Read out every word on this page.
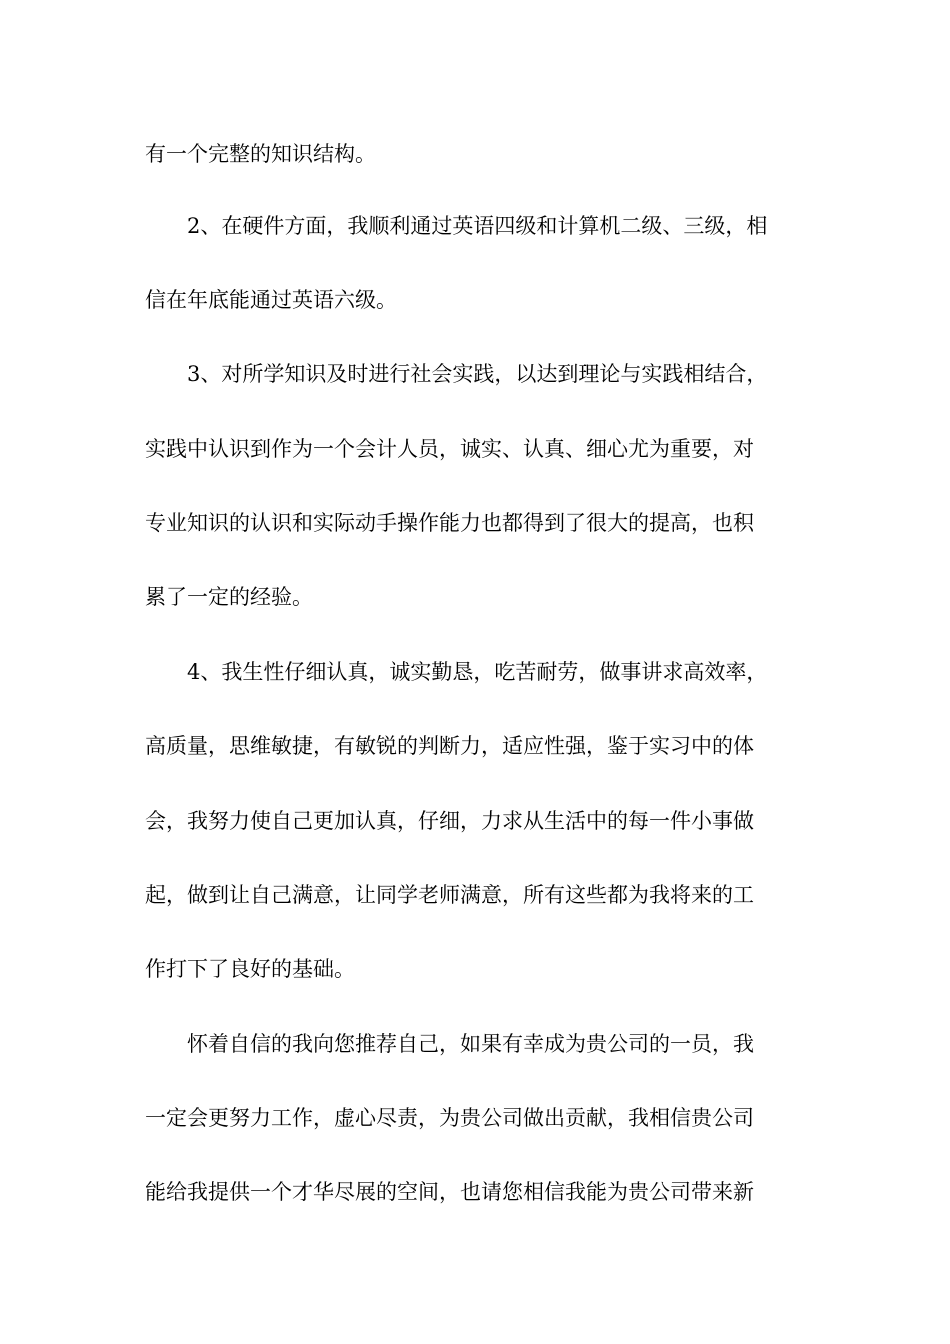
有一个完整的知识结构。
2、在硬件方面，我顺利通过英语四级和计算机二级、三级，相
信在年底能通过英语六级。
3、对所学知识及时进行社会实践，以达到理论与实践相结合，
实践中认识到作为一个会计人员，诚实、认真、细心尤为重要，对
专业知识的认识和实际动手操作能力也都得到了很大的提高，也积
累了一定的经验。
4、我生性仔细认真，诚实勤恳，吃苦耐劳，做事讲求高效率，
高质量，思维敏捷，有敏锐的判断力，适应性强，鉴于实习中的体
会，我努力使自己更加认真，仔细，力求从生活中的每一件小事做
起，做到让自己满意，让同学老师满意，所有这些都为我将来的工
作打下了良好的基础。
怀着自信的我向您推荐自己，如果有幸成为贵公司的一员，我
一定会更努力工作，虚心尽责，为贵公司做出贡献，我相信贵公司
能给我提供一个才华尽展的空间，也请您相信我能为贵公司带来新
